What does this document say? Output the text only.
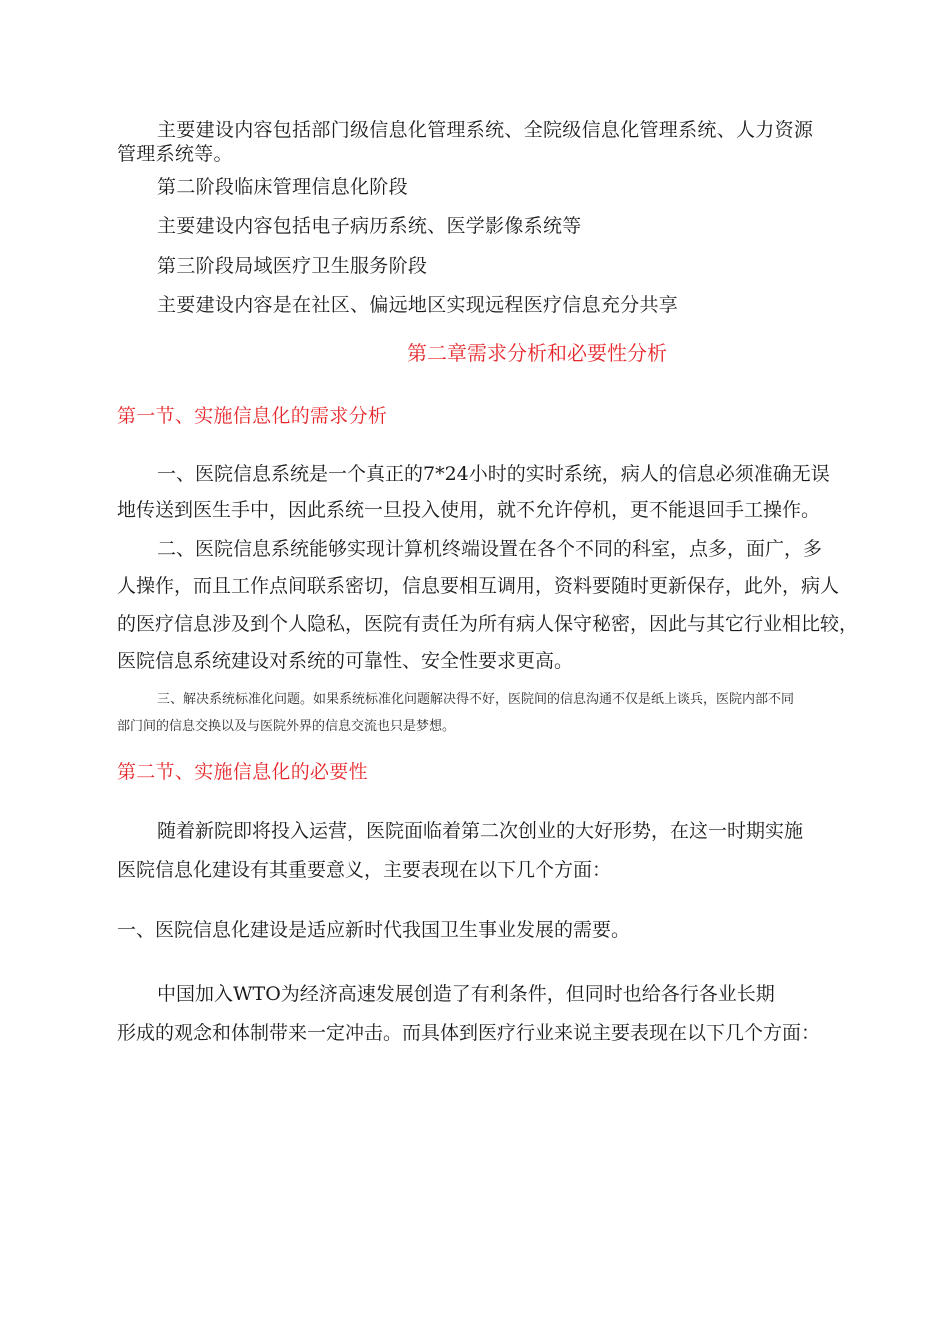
主要建设内容包括部门级信息化管理系统、全院级信息化管理系统、人力资源

管理系统等。

第二阶段临床管理信息化阶段

主要建设内容包括电子病历系统、医学影像系统等

第三阶段局域医疗卫生服务阶段

主要建设内容是在社区、偏远地区实现远程医疗信息充分共享

第二章需求分析和必要性分析

第一节、实施信息化的需求分析

一、医院信息系统是一个真正的7*24小时的实时系统，病人的信息必须准确无误

地传送到医生手中，因此系统一旦投入使用，就不允许停机，更不能退回手工操作。

二、医院信息系统能够实现计算机终端设置在各个不同的科室，点多，面广，多

人操作，而且工作点间联系密切，信息要相互调用，资料要随时更新保存，此外，病人

的医疗信息涉及到个人隐私，医院有责任为所有病人保守秘密，因此与其它行业相比较，

医院信息系统建设对系统的可靠性、安全性要求更高。

三、解决系统标准化问题。如果系统标准化问题解决得不好，医院间的信息沟通不仅是纸上谈兵，医院内部不同

部门间的信息交换以及与医院外界的信息交流也只是梦想。

第二节、实施信息化的必要性

随着新院即将投入运营，医院面临着第二次创业的大好形势，在这一时期实施

医院信息化建设有其重要意义，主要表现在以下几个方面：

一、医院信息化建设是适应新时代我国卫生事业发展的需要。

中国加入WTO为经济高速发展创造了有利条件，但同时也给各行各业长期

形成的观念和体制带来一定冲击。而具体到医疗行业来说主要表现在以下几个方面：
